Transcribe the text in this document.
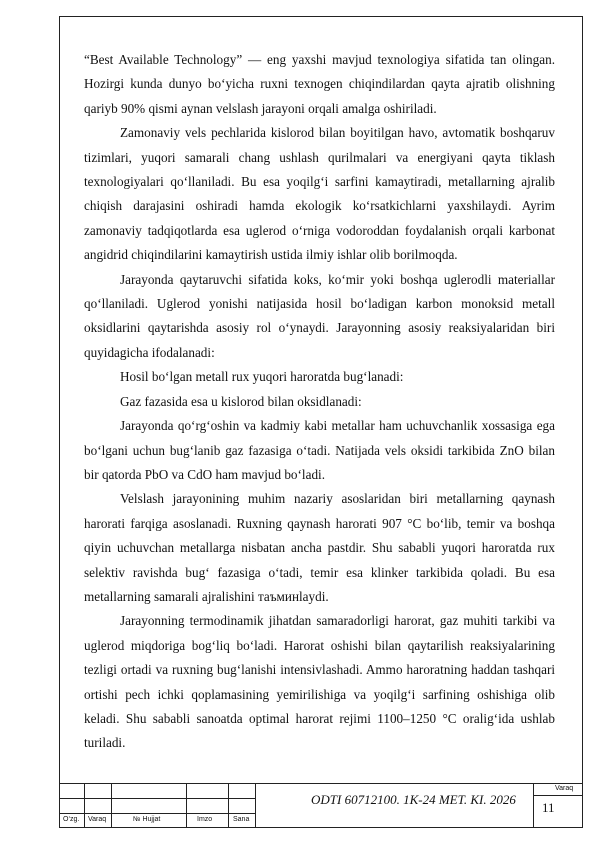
“Best Available Technology” — eng yaxshi mavjud texnologiya sifatida tan olingan. Hozirgi kunda dunyo bo‘yicha ruxni texnogen chiqindilardan qayta ajratib olishning qariyb 90% qismi aynan velslash jarayoni orqali amalga oshiriladi.

Zamonaviy vels pechlarida kislorod bilan boyitilgan havo, avtomatik boshqaruv tizimlari, yuqori samarali chang ushlash qurilmalari va energiyani qayta tiklash texnologiyalari qo‘llaniladi. Bu esa yoqilg‘i sarfini kamaytiradi, metallarning ajralib chiqish darajasini oshiradi hamda ekologik ko‘rsatkichlarni yaxshilaydi. Ayrim zamonaviy tadqiqotlarda esa uglerod o‘rniga vodoroddan foydalanish orqali karbonat angidrid chiqindilarini kamaytirish ustida ilmiy ishlar olib borilmoqda.

Jarayonda qaytaruvchi sifatida koks, ko‘mir yoki boshqa uglerodli materiallar qo‘llaniladi. Uglerod yonishi natijasida hosil bo‘ladigan karbon monoksid metall oksidlarini qaytarishda asosiy rol o‘ynaydi. Jarayonning asosiy reaksiyalaridan biri quyidagicha ifodalanadi:

Hosil bo‘lgan metall rux yuqori haroratda bug‘lanadi:

Gaz fazasida esa u kislorod bilan oksidlanadi:

Jarayonda qo‘rg‘oshin va kadmiy kabi metallar ham uchuvchanlik xossasiga ega bo‘lgani uchun bug‘lanib gaz fazasiga o‘tadi. Natijada vels oksidi tarkibida ZnO bilan bir qatorda PbO va CdO ham mavjud bo‘ladi.

Velslash jarayonining muhim nazariy asoslaridan biri metallarning qaynash harorati farqiga asoslanadi. Ruxning qaynash harorati 907 °C bo‘lib, temir va boshqa qiyin uchuvchan metallarga nisbatan ancha pastdir. Shu sababli yuqori haroratda rux selektiv ravishda bug‘ fazasiga o‘tadi, temir esa klinker tarkibida qoladi. Bu esa metallarning samarali ajralishini таъминlaydi.

Jarayonning termodinamik jihatdan samaradorligi harorat, gaz muhiti tarkibi va uglerod miqdoriga bog‘liq bo‘ladi. Harorat oshishi bilan qaytarilish reaksiyalarining tezligi ortadi va ruxning bug‘lanishi intensivlashadi. Ammo haroratning haddan tashqari ortishi pech ichki qoplamasining yemirilishiga va yoqilg‘i sarfining oshishiga olib keladi. Shu sababli sanoatda optimal harorat rejimi 1100–1250 °C oralig‘ida ushlab turiladi.

O‘zg. Varaq	№ Hujjat	Imzo	Sana
ODTI 60712100. 1K-24 MET. KI. 2026
Varaq
11
